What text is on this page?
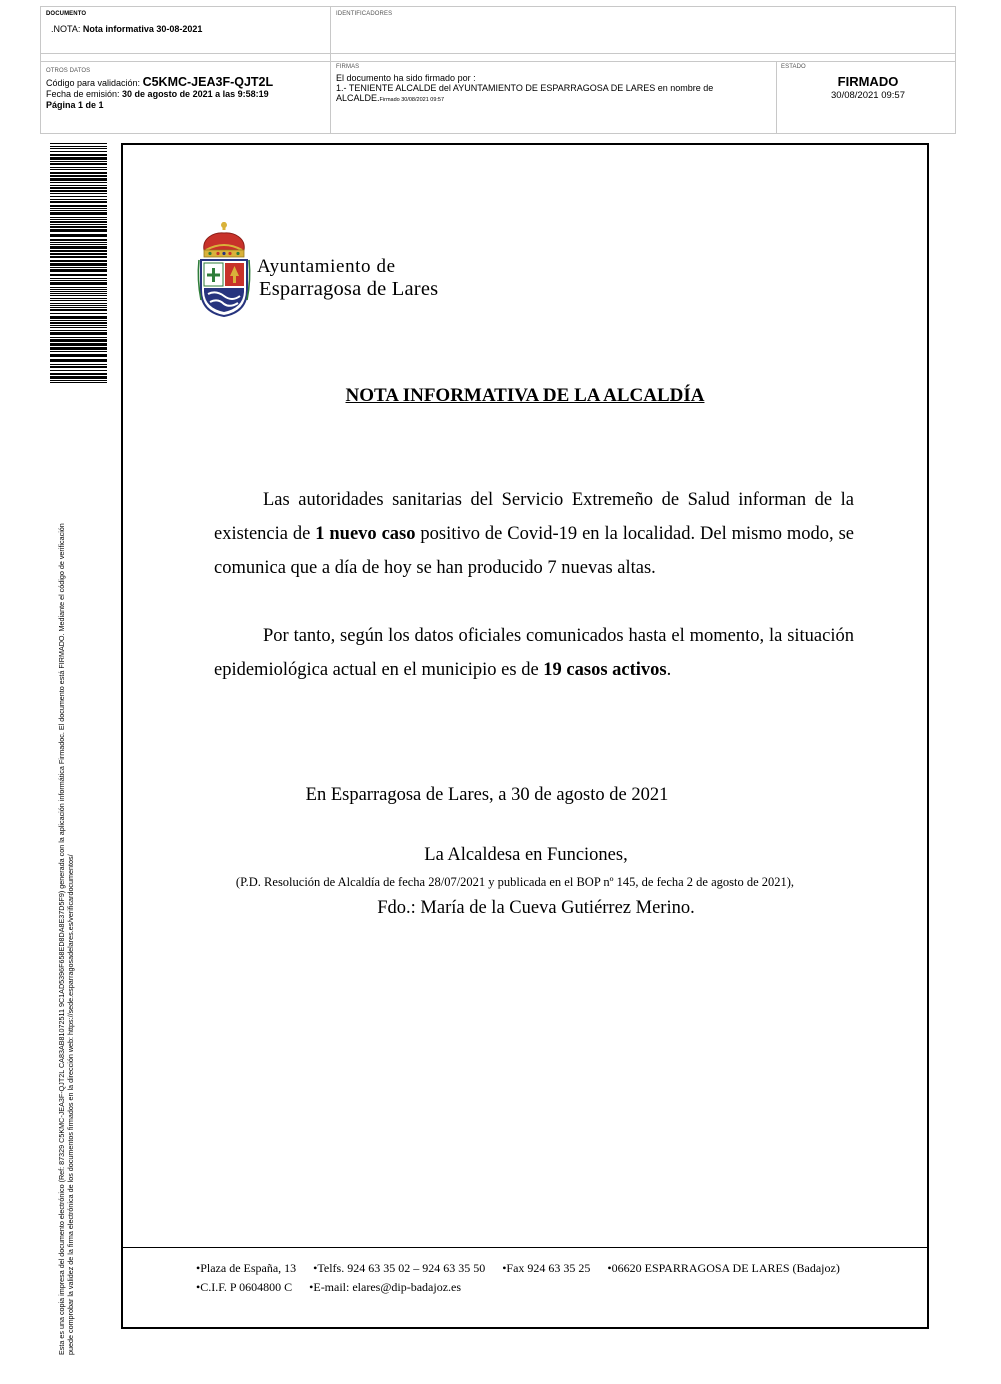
DOCUMENTO
.NOTA: Nota informativa 30-08-2021
IDENTIFICADORES
OTROS DATOS
Código para validación: C5KMC-JEA3F-QJT2L
Fecha de emisión: 30 de agosto de 2021 a las 9:58:19
Página 1 de 1
FIRMAS
El documento ha sido firmado por :
1.- TENIENTE ALCALDE del AYUNTAMIENTO DE ESPARRAGOSA DE LARES en nombre de
ALCALDE.Firmado 30/08/2021 09:57
ESTADO
FIRMADO
30/08/2021 09:57
Esta es una copia impresa del documento electrónico (Ref: 87329 C5KMC-JEA3F-QJT2L CA83AB81072511 9C1AD5396F658ED8DA8E37D5F9) generada con la aplicación informática Firmadoc. El documento está FIRMADO. Mediante el código de verificación puede comprobar la validez de la firma electrónica de los documentos firmados en la dirección web: https://sede.esparragosadelares.es/verificardocumentos/
Ayuntamiento de
Esparragosa de Lares
NOTA INFORMATIVA DE LA ALCALDÍA
Las autoridades sanitarias del Servicio Extremeño de Salud informan de la existencia de 1 nuevo caso positivo de Covid-19 en la localidad. Del mismo modo, se comunica que a día de hoy se han producido 7 nuevas altas.
Por tanto, según los datos oficiales comunicados hasta el momento, la situación epidemiológica actual en el municipio es de 19 casos activos.
En Esparragosa de Lares, a 30 de agosto de 2021
La Alcaldesa en Funciones,
(P.D. Resolución de Alcaldía de fecha 28/07/2021 y publicada en el BOP nº 145, de fecha 2 de agosto de 2021),
Fdo.: María de la Cueva Gutiérrez Merino.
•Plaza de España, 13 •Telfs. 924 63 35 02 – 924 63 35 50 •Fax 924 63 35 25 •06620 ESPARRAGOSA DE LARES (Badajoz)
•C.I.F. P 0604800 C •E-mail: elares@dip-badajoz.es
